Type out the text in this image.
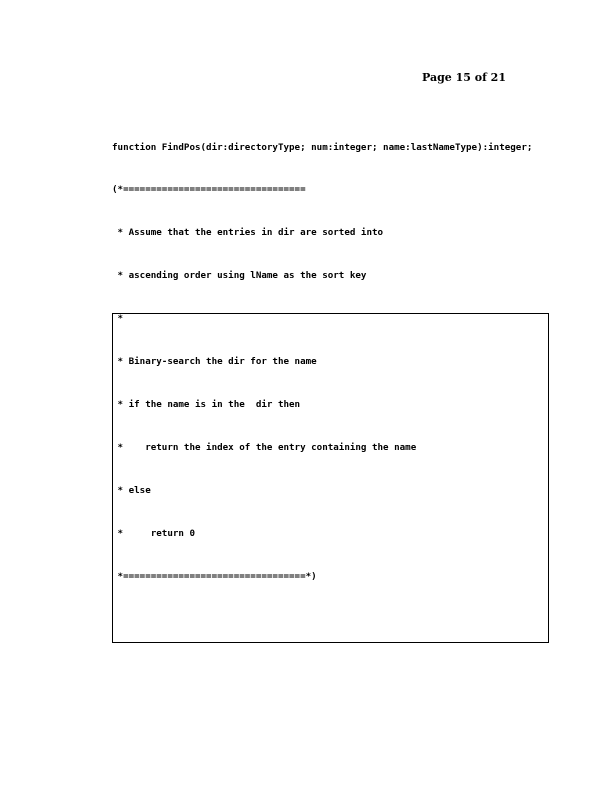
Page 15 of 21

function FindPos(dir:directoryType; num:integer; name:lastNameType):integer;

(*=================================

* Assume that the entries in dir are sorted into

* ascending order using lName as the sort key

*

* Binary-search the dir for the name

* if the name is in the  dir then

*    return the index of the entry containing the name

* else

*     return 0

*=================================*)
